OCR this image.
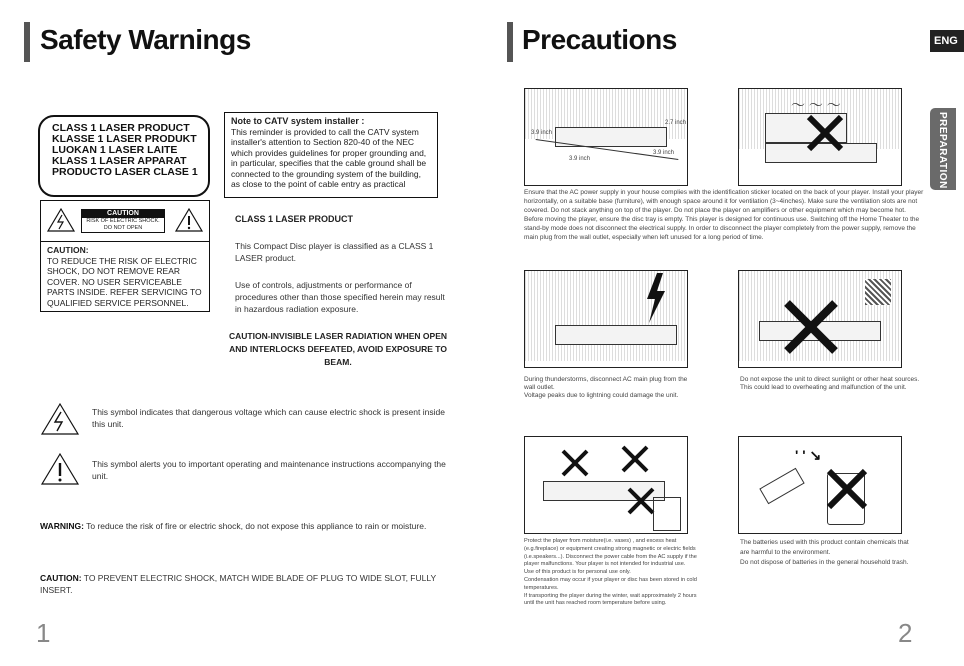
Safety Warnings
CLASS 1 LASER PRODUCT
KLASSE 1 LASER PRODUKT
LUOKAN 1 LASER LAITE
KLASS 1 LASER APPARAT
PRODUCTO LASER CLASE 1
Note to CATV system installer :
This reminder is provided to call the CATV system installer's attention to Section 820-40 of the NEC which provides guidelines for proper grounding and, in particular, specifies that the cable ground shall be connected to the grounding system of the building, as close to the point of cable entry as practical
CAUTION
RISK OF ELECTRIC SHOCK.
DO NOT OPEN
CAUTION:
TO REDUCE THE RISK OF ELECTRIC SHOCK, DO NOT REMOVE REAR COVER. NO USER SERVICEABLE PARTS INSIDE. REFER SERVICING TO QUALIFIED SERVICE PERSONNEL.
CLASS 1 LASER PRODUCT
This Compact Disc player is classified as a CLASS 1 LASER product.
Use of controls, adjustments or performance of procedures other than those specified herein may result in hazardous radiation exposure.
CAUTION-INVISIBLE LASER RADIATION WHEN OPEN AND INTERLOCKS DEFEATED, AVOID EXPOSURE TO BEAM.
This symbol indicates that dangerous voltage which can cause electric shock is present inside this unit.
This symbol alerts you to important operating and maintenance instructions accompanying the unit.
WARNING: To reduce the risk of fire or electric shock, do not expose this appliance to rain or moisture.
CAUTION: TO PREVENT ELECTRIC SHOCK, MATCH WIDE BLADE OF PLUG TO WIDE SLOT, FULLY INSERT.
1
Precautions	ENG
PREPARATION
3.9 inch
2.7 inch
3.9 inch
3.9 inch
〜 〜 〜
Ensure that the AC power supply in your house complies with the identification sticker located on the back of your player. Install your player horizontally, on a suitable base (furniture), with enough space around it for ventilation (3~4inches). Make sure the ventilation slots are not covered. Do not stack anything on top of the player. Do not place the player on amplifiers or other equipment which may become hot. Before moving the player, ensure the disc tray is empty. This player is designed for continuous use. Switching off the Home Theater to the stand-by mode does not disconnect the electrical supply. In order to disconnect the player completely from the power supply, remove the main plug from the wall outlet, especially when left unused for a long period of time.
During thunderstorms, disconnect AC main plug from the wall outlet.
Voltage peaks due to lightning could damage the unit.
Do not expose the unit to direct sunlight or other heat sources.
This could lead to overheating and malfunction of the unit.
Protect the player from moisture(i.e. vases) , and excess heat
(e.g.fireplace) or equipment creating strong magnetic or electric fields
(i.e.speakers...). Disconnect the power cable from the AC supply if the
player malfunctions. Your player is not intended for industrial use.
Use of this product is for personal use only.
Condensation may occur if your player or disc has been stored in cold
temperatures.
If transporting the player during the winter, wait approximately 2 hours
until the unit has reached room temperature before using.
' ' ↘
The batteries used with this product contain chemicals that are harmful to the environment.
Do not dispose of batteries in the general household trash.
2
